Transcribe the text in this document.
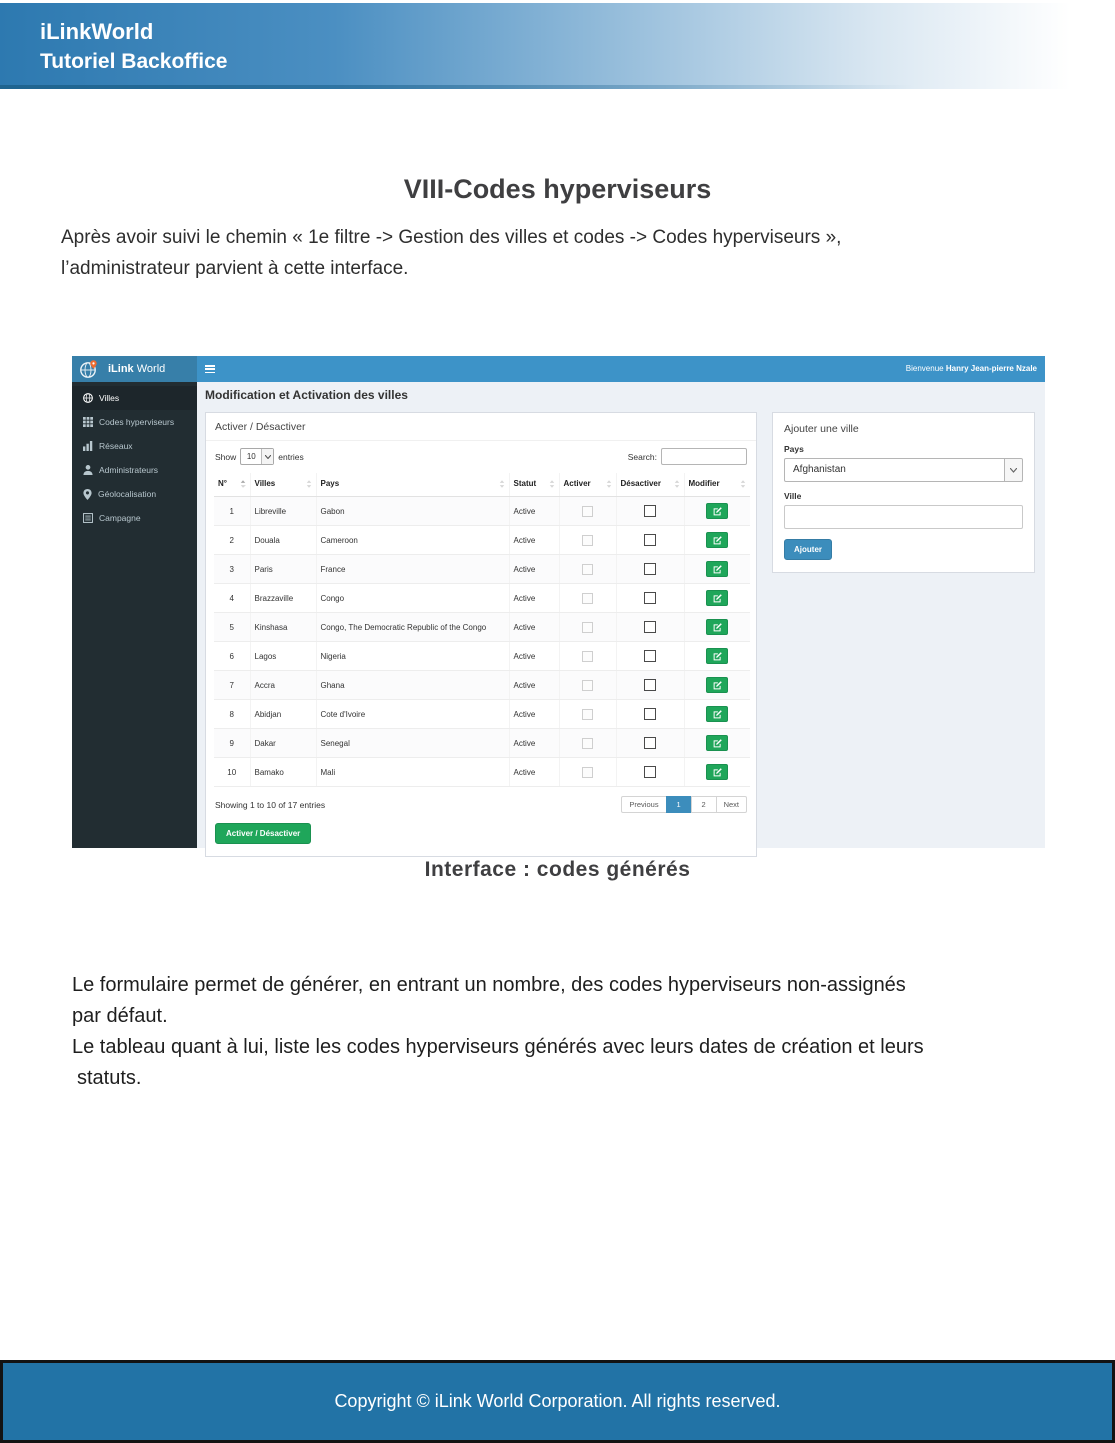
iLinkWorld
Tutoriel Backoffice
VIII-Codes hyperviseurs
Après avoir suivi le chemin « 1e filtre -> Gestion des villes et codes -> Codes hyperviseurs »,
l’administrateur parvient à cette interface.
iLink World	Bienvenue Hanry Jean-pierre Nzale
Villes
Codes hyperviseurs
Réseaux
Administrateurs
Géolocalisation
Campagne
Modification et Activation des villes
Activer / Désactiver
Show	10	entries	Search:
N°	Villes	Pays	Statut	Activer	Désactiver	Modifier

1	Libreville	Gabon	Active			

2	Douala	Cameroon	Active			

3	Paris	France	Active			

4	Brazzaville	Congo	Active			

5	Kinshasa	Congo, The Democratic Republic of the Congo	Active			

6	Lagos	Nigeria	Active			

7	Accra	Ghana	Active			

8	Abidjan	Cote d'Ivoire	Active			

9	Dakar	Senegal	Active			

10	Bamako	Mali	Active			
Showing 1 to 10 of 17 entries	Previous	1	2	Next
Activer / Désactiver
Ajouter une ville
Pays
Afghanistan
Ville
Ajouter
Interface : codes générés
Le formulaire permet de générer, en entrant un nombre, des codes hyperviseurs non-assignés
par défaut.
Le tableau quant à lui, liste les codes hyperviseurs générés avec leurs dates de création et leurs
statuts.
Copyright © iLink World Corporation. All rights reserved.
